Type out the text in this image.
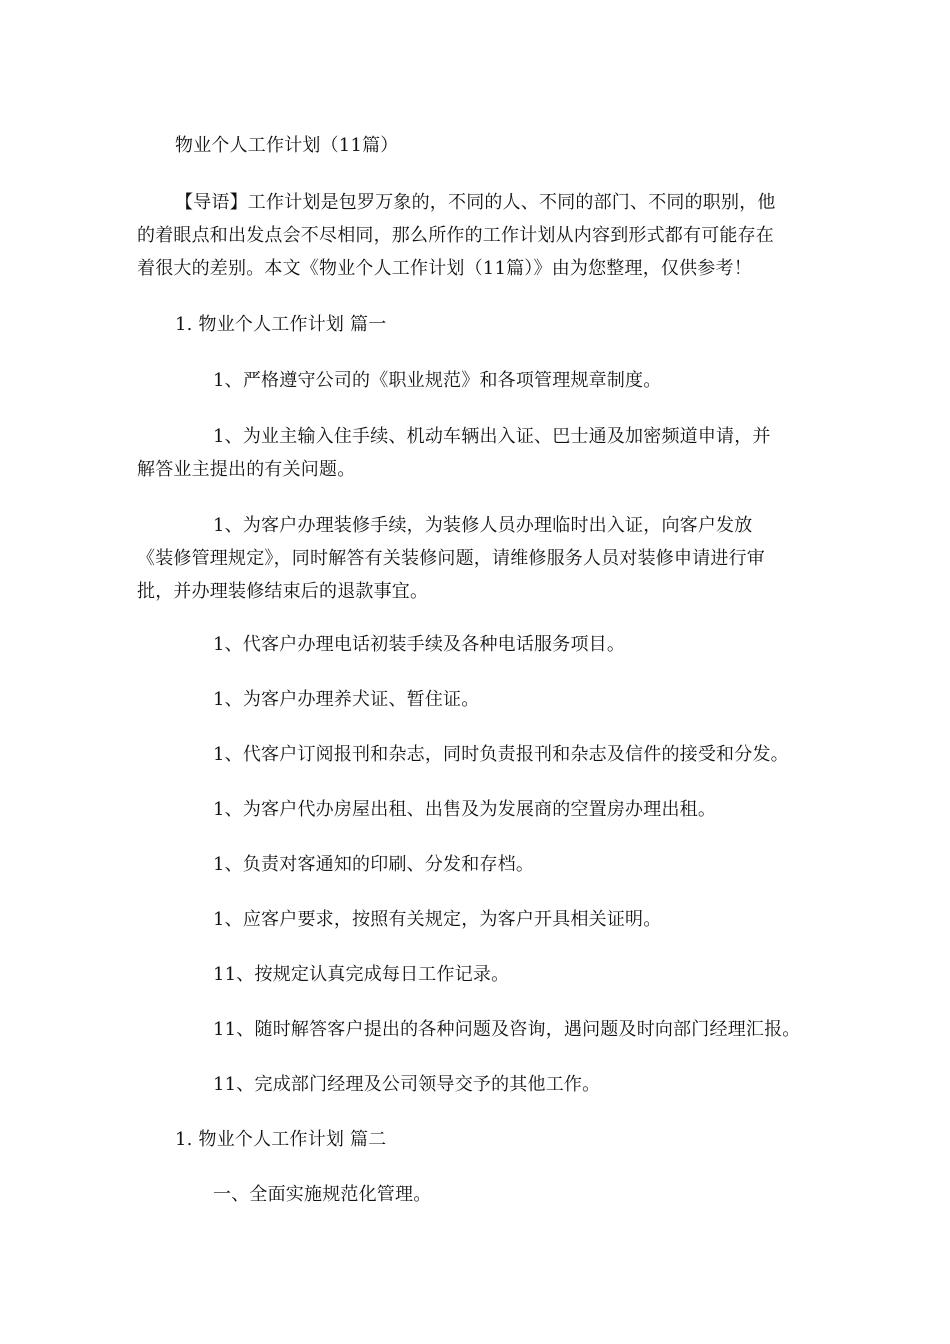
物业个人工作计划（11篇）
【导语】工作计划是包罗万象的，不同的人、不同的部门、不同的职别，他
的着眼点和出发点会不尽相同，那么所作的工作计划从内容到形式都有可能存在
着很大的差别。本文《物业个人工作计划（11篇）》由为您整理，仅供参考！
1. 物业个人工作计划 篇一
1、严格遵守公司的《职业规范》和各项管理规章制度。
1、为业主输入住手续、机动车辆出入证、巴士通及加密频道申请，并
解答业主提出的有关问题。
1、为客户办理装修手续，为装修人员办理临时出入证，向客户发放
《装修管理规定》，同时解答有关装修问题，请维修服务人员对装修申请进行审
批，并办理装修结束后的退款事宜。
1、代客户办理电话初装手续及各种电话服务项目。
1、为客户办理养犬证、暂住证。
1、代客户订阅报刊和杂志，同时负责报刊和杂志及信件的接受和分发。
1、为客户代办房屋出租、出售及为发展商的空置房办理出租。
1、负责对客通知的印刷、分发和存档。
1、应客户要求，按照有关规定，为客户开具相关证明。
11、按规定认真完成每日工作记录。
11、随时解答客户提出的各种问题及咨询，遇问题及时向部门经理汇报。
11、完成部门经理及公司领导交予的其他工作。
1. 物业个人工作计划 篇二
一、全面实施规范化管理。
